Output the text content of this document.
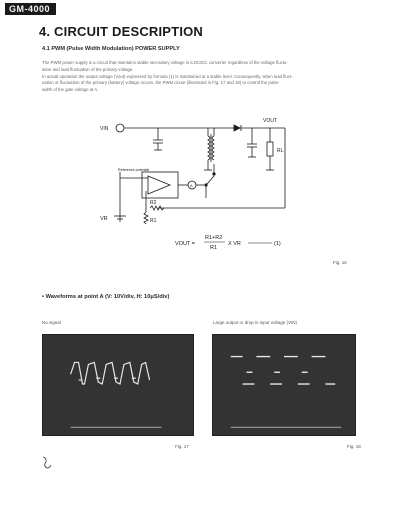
GM-4000
4. CIRCUIT DESCRIPTION
4.1 PWM (Pulse Width Modulation) POWER SUPPLY

The PWM power supply is a circuit that maintains stable secondary voltage in a DC/DC converter regardless of the voltage fluctu-

ation and load fluctuation of the primary voltage.

In actual operation the output voltage (Vout) expressed by formula (1) is maintained at a stable level. Consequently, when load fluct-

uation or fluctuation of the primary (battery) voltage occurs, the PWM circuit (illustrated in Fig. 17 and 18) to control the pulse

width of the gate voltage at A.

VIN
VOUT
RL
Reference potential
A
R2
R1
VR
VOUT =
R1+R2
R1
X VR	(1)
Fig. 16
• Waveforms at point A (V: 10V/div, H: 10μS/div)
No signal	Large output or drop in input voltage (VIN)
Fig. 17	Fig. 18
